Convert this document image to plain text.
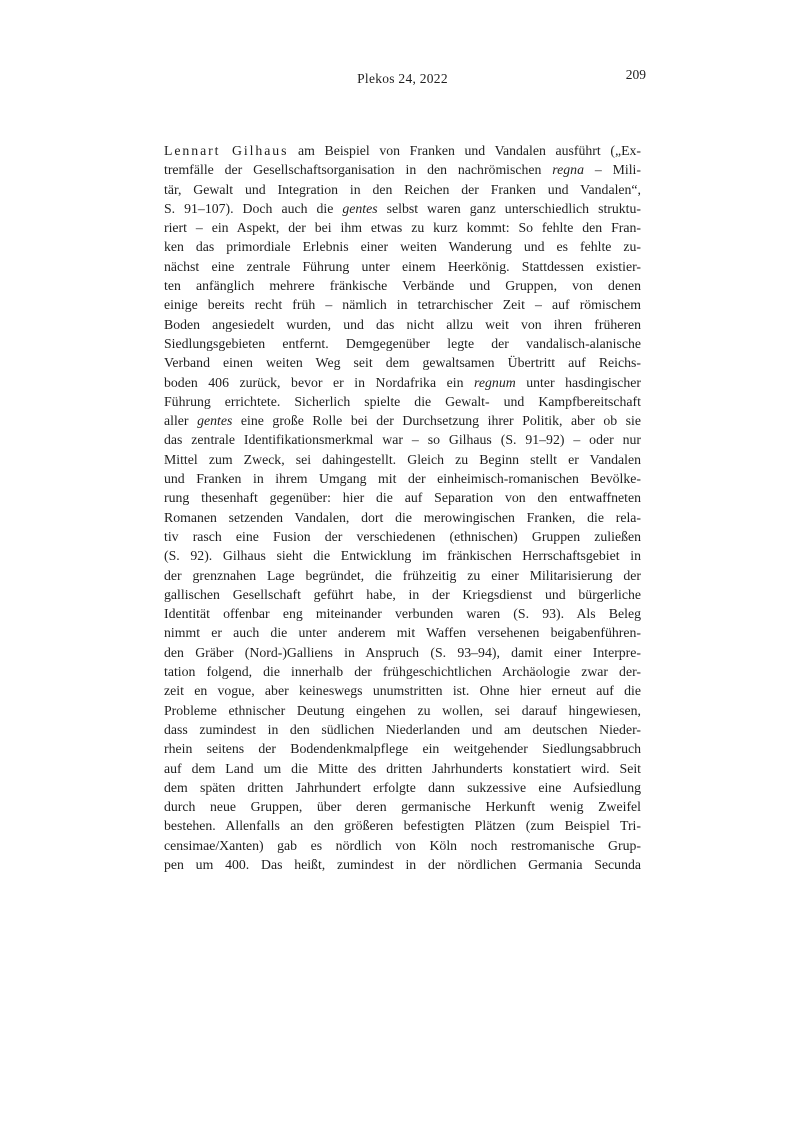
Plekos 24, 2022	209
Lennart Gilhaus am Beispiel von Franken und Vandalen ausführt („Ex-
tremfälle der Gesellschaftsorganisation in den nachrömischen regna – Mili-
tär, Gewalt und Integration in den Reichen der Franken und Vandalen“,
S. 91–107). Doch auch die gentes selbst waren ganz unterschiedlich struktu-
riert – ein Aspekt, der bei ihm etwas zu kurz kommt: So fehlte den Fran-
ken das primordiale Erlebnis einer weiten Wanderung und es fehlte zu-
nächst eine zentrale Führung unter einem Heerkönig. Stattdessen existier-
ten anfänglich mehrere fränkische Verbände und Gruppen, von denen
einige bereits recht früh – nämlich in tetrarchischer Zeit – auf römischem
Boden angesiedelt wurden, und das nicht allzu weit von ihren früheren
Siedlungsgebieten entfernt. Demgegenüber legte der vandalisch-alanische
Verband einen weiten Weg seit dem gewaltsamen Übertritt auf Reichs-
boden 406 zurück, bevor er in Nordafrika ein regnum unter hasdingischer
Führung errichtete. Sicherlich spielte die Gewalt- und Kampfbereitschaft
aller gentes eine große Rolle bei der Durchsetzung ihrer Politik, aber ob sie
das zentrale Identifikationsmerkmal war – so Gilhaus (S. 91–92) – oder nur
Mittel zum Zweck, sei dahingestellt. Gleich zu Beginn stellt er Vandalen
und Franken in ihrem Umgang mit der einheimisch-romanischen Bevölke-
rung thesenhaft gegenüber: hier die auf Separation von den entwaffneten
Romanen setzenden Vandalen, dort die merowingischen Franken, die rela-
tiv rasch eine Fusion der verschiedenen (ethnischen) Gruppen zuließen
(S. 92). Gilhaus sieht die Entwicklung im fränkischen Herrschaftsgebiet in
der grenznahen Lage begründet, die frühzeitig zu einer Militarisierung der
gallischen Gesellschaft geführt habe, in der Kriegsdienst und bürgerliche
Identität offenbar eng miteinander verbunden waren (S. 93). Als Beleg
nimmt er auch die unter anderem mit Waffen versehenen beigabenführen-
den Gräber (Nord-)Galliens in Anspruch (S. 93–94), damit einer Interpre-
tation folgend, die innerhalb der frühgeschichtlichen Archäologie zwar der-
zeit en vogue, aber keineswegs unumstritten ist. Ohne hier erneut auf die
Probleme ethnischer Deutung eingehen zu wollen, sei darauf hingewiesen,
dass zumindest in den südlichen Niederlanden und am deutschen Nieder-
rhein seitens der Bodendenkmalpflege ein weitgehender Siedlungsabbruch
auf dem Land um die Mitte des dritten Jahrhunderts konstatiert wird. Seit
dem späten dritten Jahrhundert erfolgte dann sukzessive eine Aufsiedlung
durch neue Gruppen, über deren germanische Herkunft wenig Zweifel
bestehen. Allenfalls an den größeren befestigten Plätzen (zum Beispiel Tri-
censimae/Xanten) gab es nördlich von Köln noch restromanische Grup-
pen um 400. Das heißt, zumindest in der nördlichen Germania Secunda
